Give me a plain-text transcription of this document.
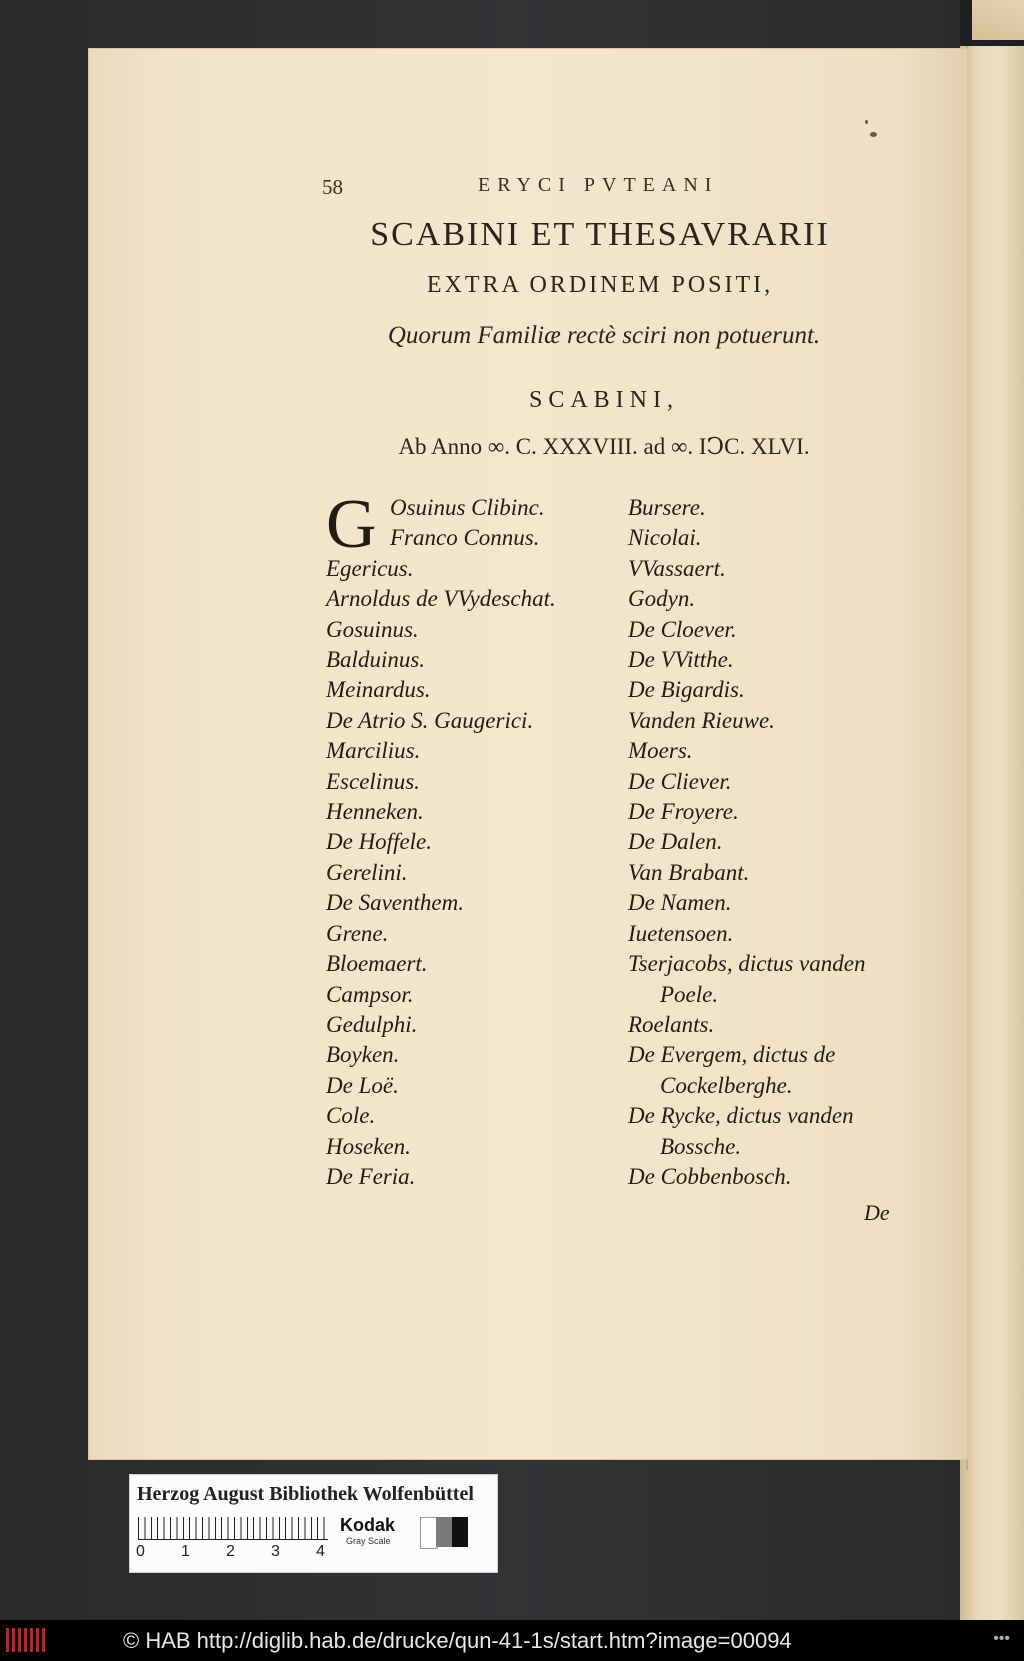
58	ERYCI PVTEANI
SCABINI ET THESAVRARII
EXTRA ORDINEM POSITI,
Quorum Familiæ rectè sciri non potuerunt.
SCABINI,
Ab Anno ∞. C. XXXVIII. ad ∞. IↃC. XLVI.
G Osuinus Clibinc.
Franco Connus.
Egericus.
Arnoldus de VVydeschat.
Gosuinus.
Balduinus.
Meinardus.
De Atrio S. Gaugerici.
Marcilius.
Escelinus.
Henneken.
De Hoffele.
Gerelini.
De Saventhem.
Grene.
Bloemaert.
Campsor.
Gedulphi.
Boyken.
De Loë.
Cole.
Hoseken.
De Feria.
Bursere.
Nicolai.
VVassaert.
Godyn.
De Cloever.
De VVitthe.
De Bigardis.
Vanden Rieuwe.
Moers.
De Cliever.
De Froyere.
De Dalen.
Van Brabant.
De Namen.
Iuetensoen.
Tserjacobs, dictus vanden
Poele.
Roelants.
De Evergem, dictus de
Cockelberghe.
De Rycke, dictus vanden
Bossche.
De Cobbenbosch.
De
Herzog August Bibliothek Wolfenbüttel
0 1 2 3 4
Kodak
Gray Scale
© HAB http://diglib.hab.de/drucke/qun-41-1s/start.htm?image=00094	•••
